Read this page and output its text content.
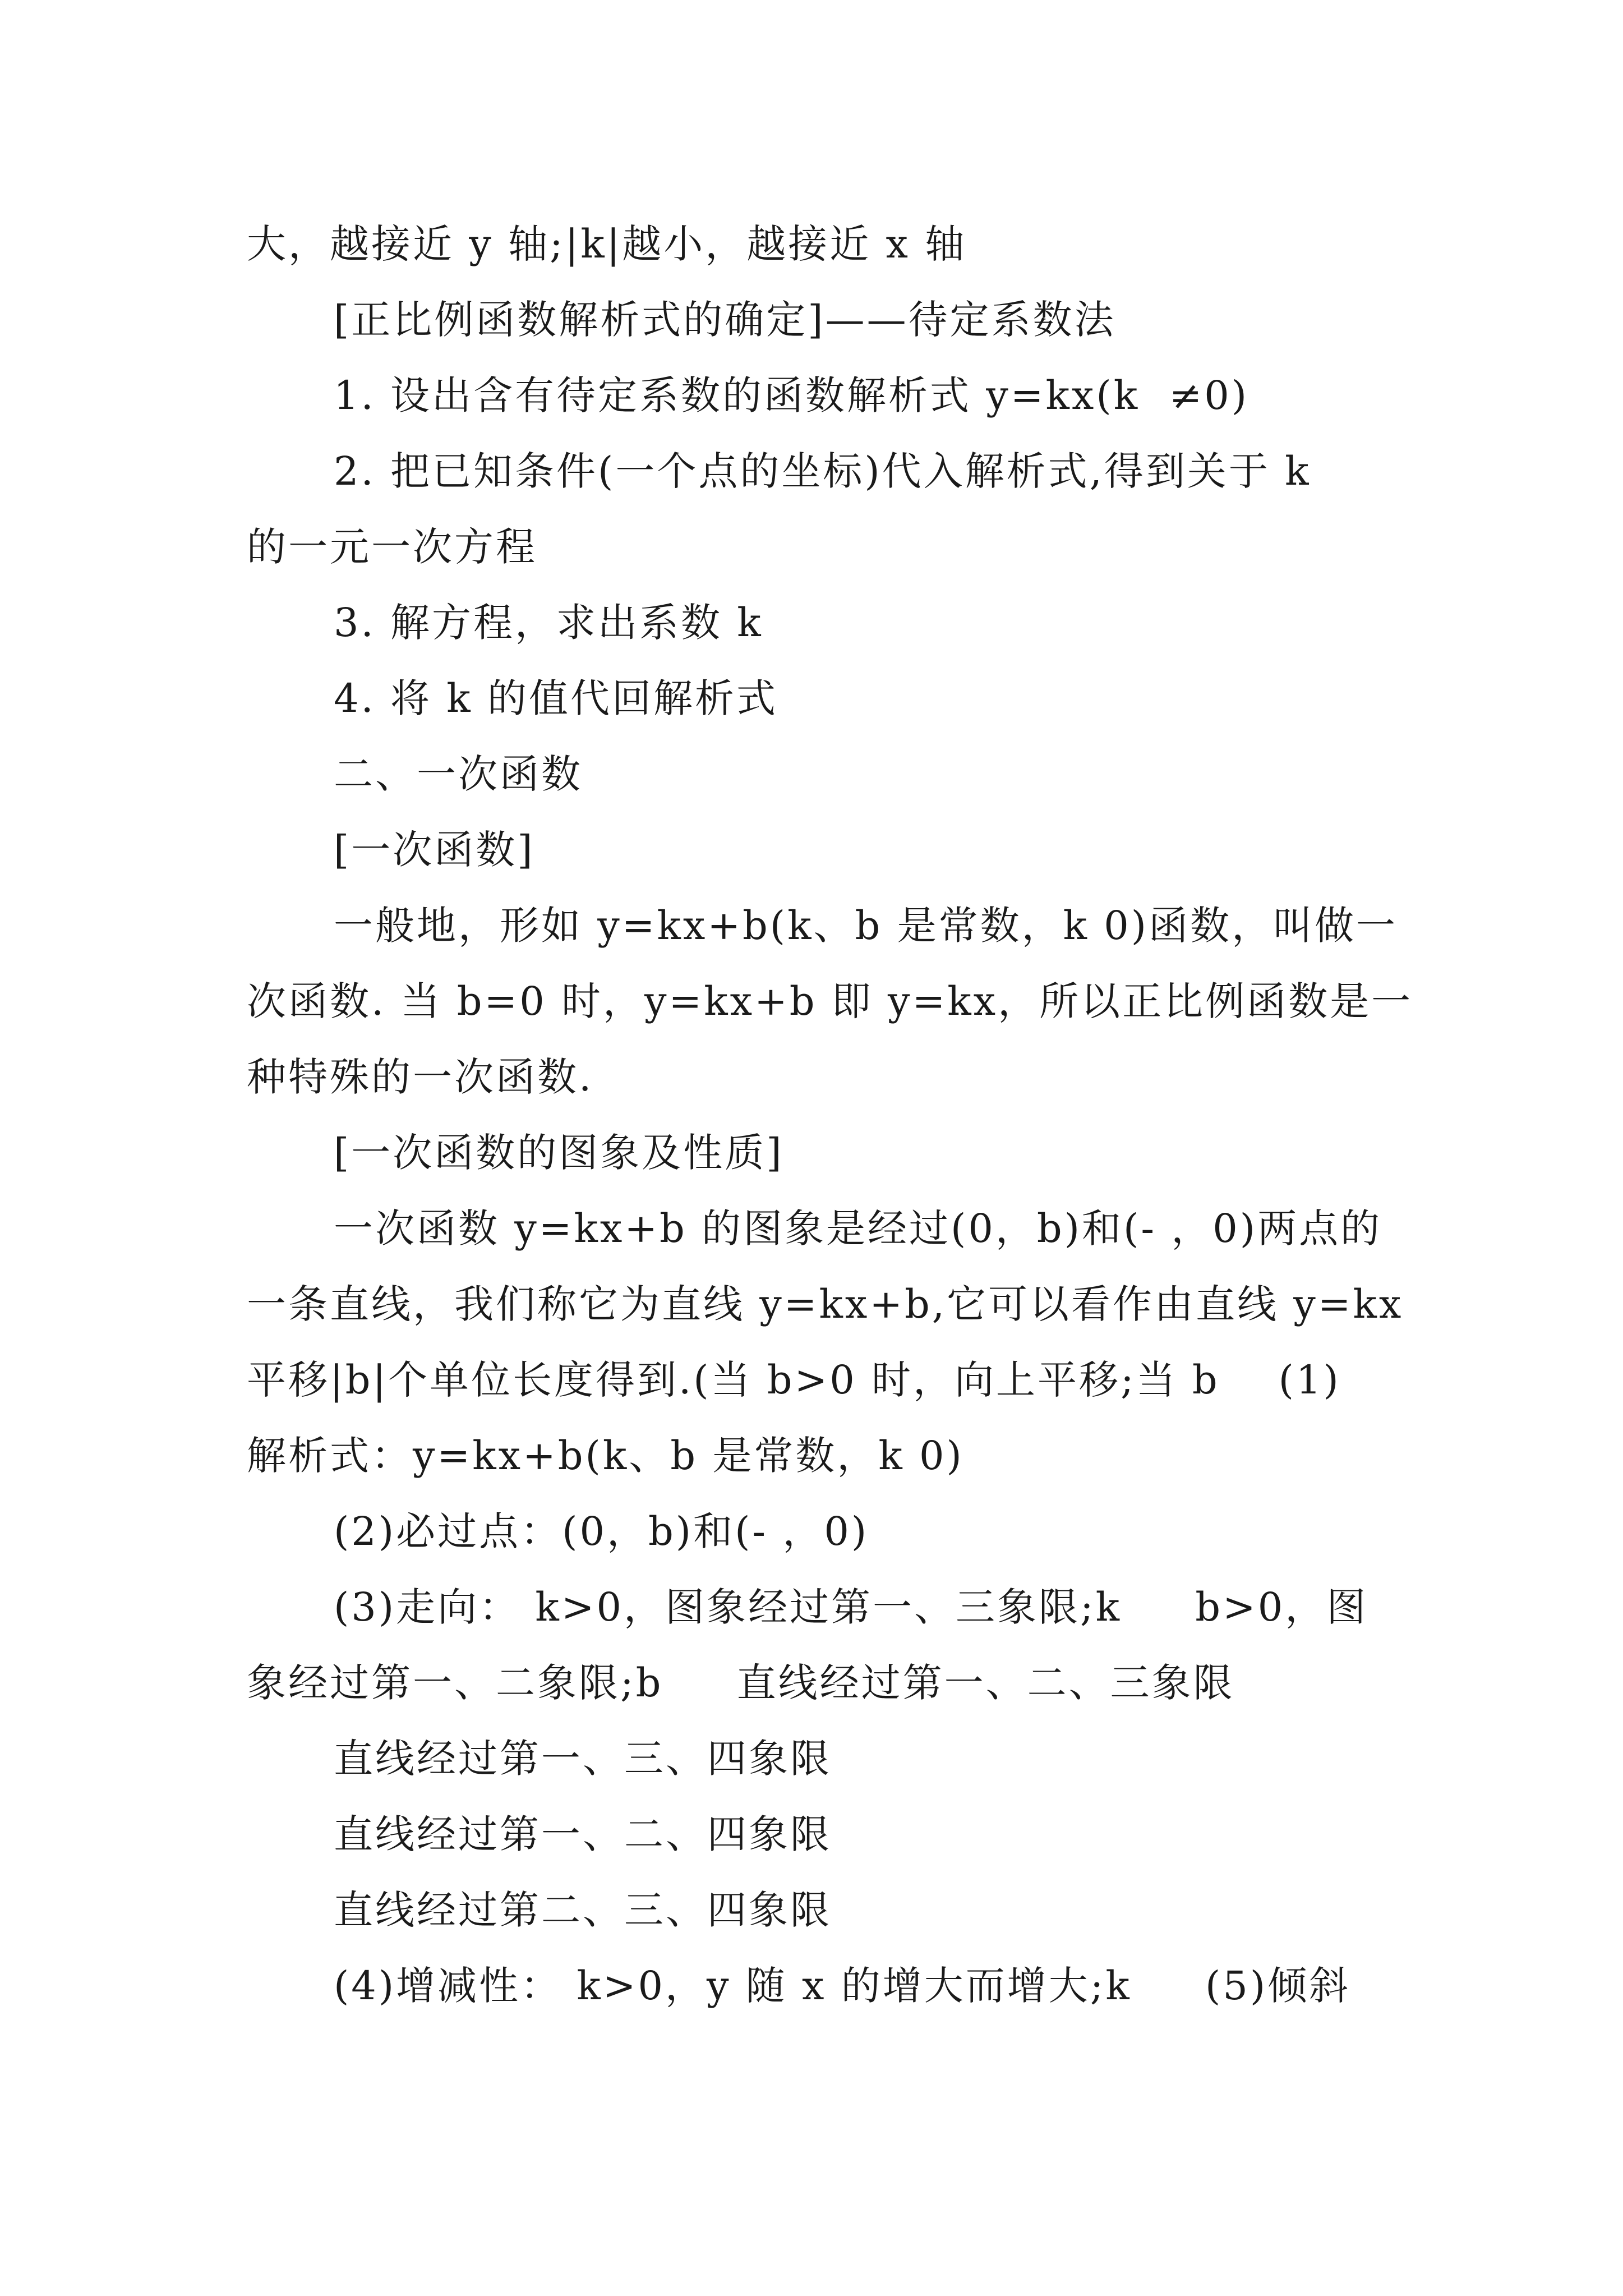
大，越接近 y 轴;|k|越小，越接近 x 轴
[正比例函数解析式的确定]——待定系数法
1. 设出含有待定系数的函数解析式 y=kx(k  ≠0)
2. 把已知条件(一个点的坐标)代入解析式,得到关于 k
的一元一次方程
3. 解方程，求出系数 k
4. 将 k 的值代回解析式
二、一次函数
[一次函数]
一般地，形如 y=kx+b(k、b 是常数，k 0)函数，叫做一
次函数. 当 b=0 时，y=kx+b 即 y=kx，所以正比例函数是一
种特殊的一次函数.
[一次函数的图象及性质]
一次函数 y=kx+b 的图象是经过(0，b)和(- ，0)两点的
一条直线，我们称它为直线 y=kx+b,它可以看作由直线 y=kx
平移|b|个单位长度得到.(当 b>0 时，向上平移;当 b    (1)
解析式：y=kx+b(k、b 是常数，k 0)
(2)必过点：(0，b)和(- ，0)
(3)走向： k>0，图象经过第一、三象限;k     b>0，图
象经过第一、二象限;b     直线经过第一、二、三象限
直线经过第一、三、四象限
直线经过第一、二、四象限
直线经过第二、三、四象限
(4)增减性： k>0，y 随 x 的增大而增大;k     (5)倾斜
